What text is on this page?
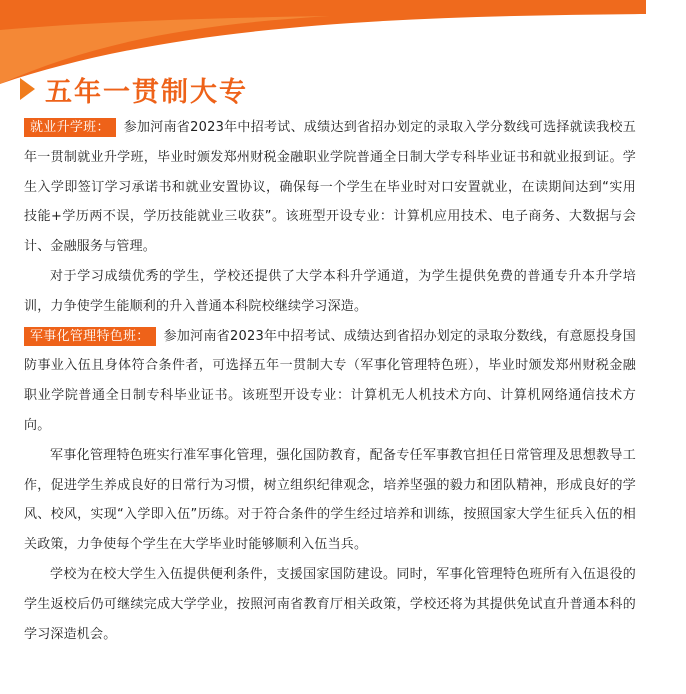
五年一贯制大专

就业升学班： 参加河南省2023年中招考试、成绩达到省招办划定的录取入学分数线可选择就读我校五年一贯制就业升学班，毕业时颁发郑州财税金融职业学院普通全日制大学专科毕业证书和就业报到证。学生入学即签订学习承诺书和就业安置协议，确保每一个学生在毕业时对口安置就业，在读期间达到“实用技能+学历两不误，学历技能就业三收获”。该班型开设专业：计算机应用技术、电子商务、大数据与会计、金融服务与管理。

对于学习成绩优秀的学生，学校还提供了大学本科升学通道，为学生提供免费的普通专升本升学培训，力争使学生能顺利的升入普通本科院校继续学习深造。

军事化管理特色班： 参加河南省2023年中招考试、成绩达到省招办划定的录取分数线，有意愿投身国防事业入伍且身体符合条件者，可选择五年一贯制大专（军事化管理特色班），毕业时颁发郑州财税金融职业学院普通全日制专科毕业证书。该班型开设专业：计算机无人机技术方向、计算机网络通信技术方向。

军事化管理特色班实行准军事化管理，强化国防教育，配备专任军事教官担任日常管理及思想教导工作，促进学生养成良好的日常行为习惯，树立组织纪律观念，培养坚强的毅力和团队精神，形成良好的学风、校风，实现“入学即入伍”历练。对于符合条件的学生经过培养和训练，按照国家大学生征兵入伍的相关政策，力争使每个学生在大学毕业时能够顺利入伍当兵。

学校为在校大学生入伍提供便利条件，支援国家国防建设。同时，军事化管理特色班所有入伍退役的学生返校后仍可继续完成大学学业，按照河南省教育厅相关政策，学校还将为其提供免试直升普通本科的学习深造机会。
